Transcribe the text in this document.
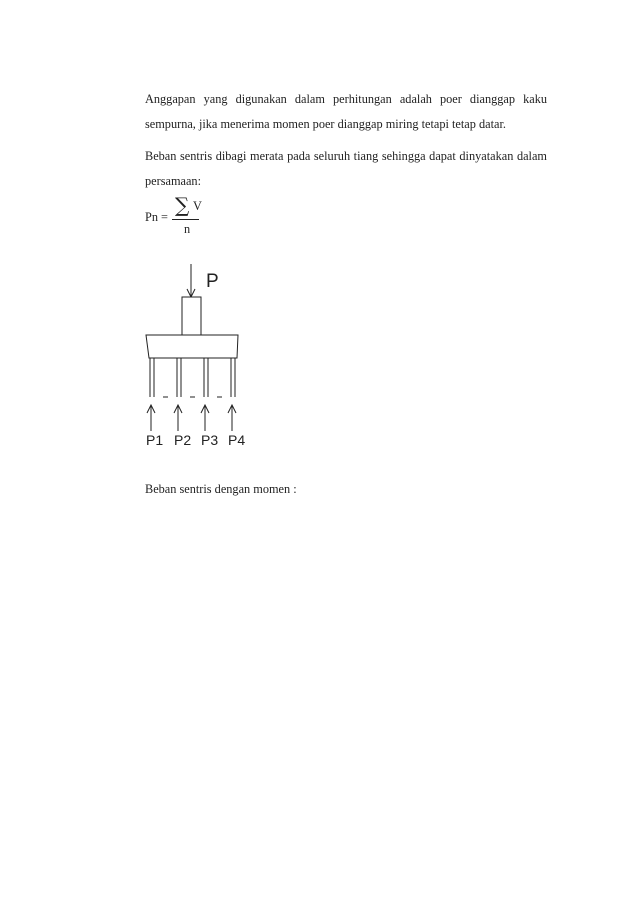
Anggapan yang digunakan dalam perhitungan adalah poer dianggap kaku sempurna, jika menerima momen poer dianggap miring tetapi tetap datar.

Beban sentris dibagi merata pada seluruh tiang sehingga dapat dinyatakan dalam persamaan:

Pn = ∑ V
n
P
P1 P2 P3 P4

Beban sentris dengan momen :
